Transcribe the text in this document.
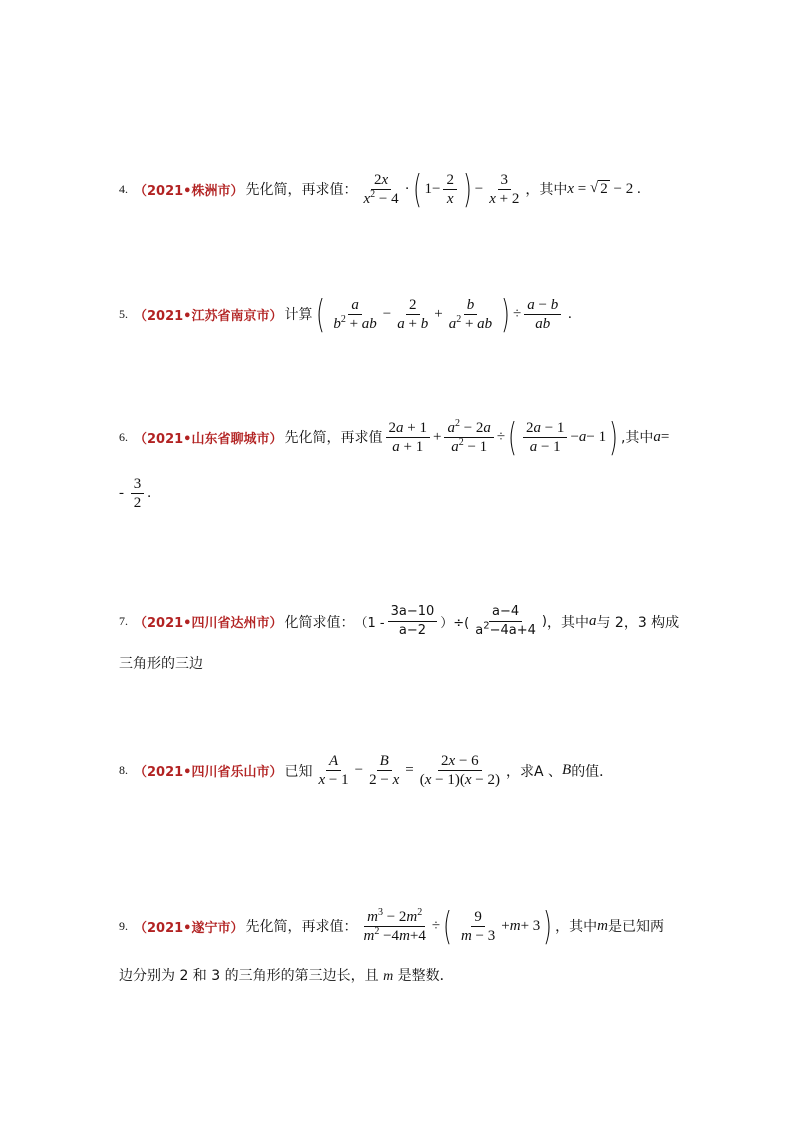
4. （2021•株洲市） 先化简，再求值： $\frac{2x}{x^2 - 4}$ · ( $1- \frac{2}{x}$ ) − $\frac{3}{x + 2}$ ，其中 x = √ 2 − 2 .
5. （2021•江苏省南京市） 计算 ( $\frac{a}{b^2 + ab} - \frac{2}{a + b} + \frac{b}{a^2 + ab}$ ) ÷ $\frac{a - b}{ab}$ .
6. （2021•山东省聊城市） 先化简，再求值 $\frac{2a + 1}{a + 1} + \frac{a^2 - 2a}{a^2 - 1}$ ÷ ( $\frac{2a - 1}{a - 1} - a - 1$ ) ,其中 a =
- $\frac{3}{2}$ .
7. （2021•四川省达州市） 化简求值： （$1 - \frac{3a-10}{a-2}$ ）÷( $\frac{a-4}{a^2-4a+4}$ ) ，其中 a 与 2，3 构成
三角形的三边
8. （2021•四川省乐山市） 已知 $\frac{A}{x - 1} - \frac{B}{2 - x} = \frac{2x - 6}{(x - 1)(x - 2)}$ ，求A 、 B 的值．
9. （2021•遂宁市） 先化简，再求值： $\frac{m^3 - 2m^2}{m^2 -4m+4}$ ÷ ( $\frac{9}{m - 3} + m + 3$ ) ，其中 m 是已知两
边分别为 2 和 3 的三角形的第三边长，且 m 是整数．
